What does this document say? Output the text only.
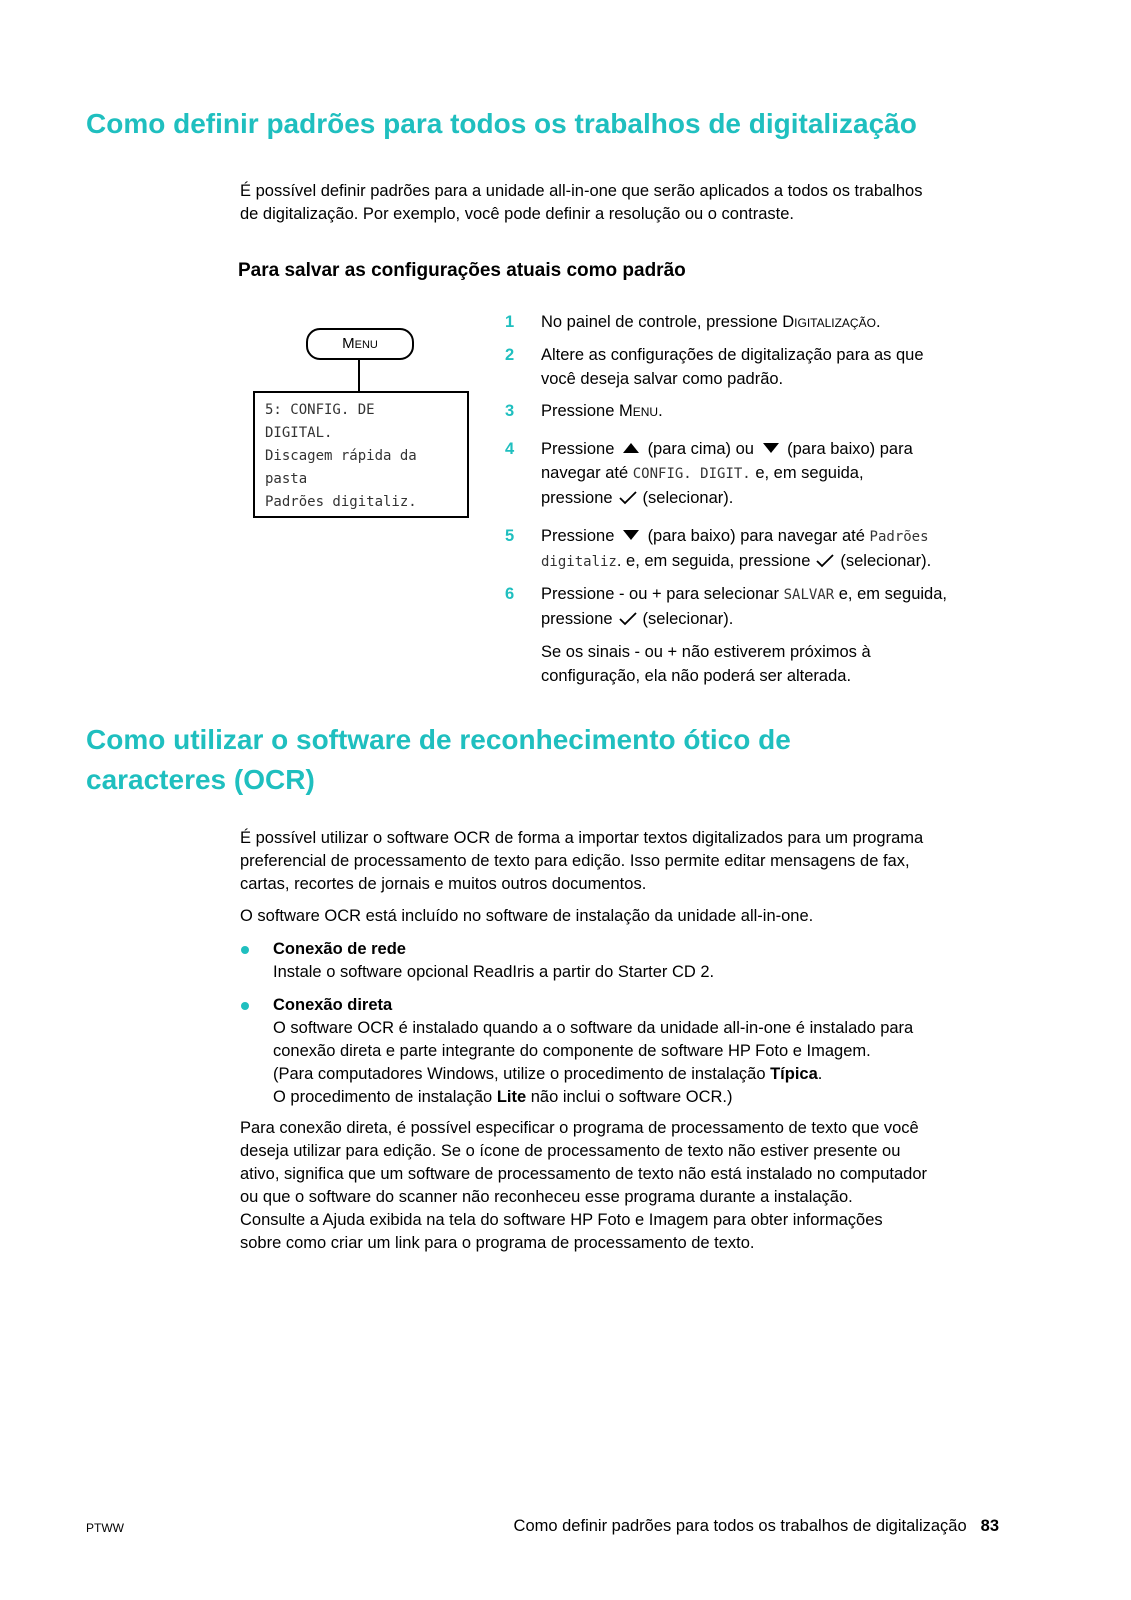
Como definir padrões para todos os trabalhos de digitalização

É possível definir padrões para a unidade all-in-one que serão aplicados a todos os trabalhos
de digitalização. Por exemplo, você pode definir a resolução ou o contraste.

Para salvar as configurações atuais como padrão
Menu
5: CONFIG. DE
DIGITAL.
Discagem rápida da
pasta
Padrões digitaliz.
1 No painel de controle, pressione Digitalização.
2 Altere as configurações de digitalização para as que
você deseja salvar como padrão.
3 Pressione Menu.
4 Pressione (para cima) ou (para baixo) para
navegar até CONFIG. DIGIT. e, em seguida,
pressione (selecionar).
5 Pressione (para baixo) para navegar até Padrões
digitaliz. e, em seguida, pressione (selecionar).
6 Pressione - ou + para selecionar SALVAR e, em seguida,
pressione (selecionar).
Se os sinais - ou + não estiverem próximos à
configuração, ela não poderá ser alterada.
Como utilizar o software de reconhecimento ótico de
caracteres (OCR)

É possível utilizar o software OCR de forma a importar textos digitalizados para um programa
preferencial de processamento de texto para edição. Isso permite editar mensagens de fax,
cartas, recortes de jornais e muitos outros documentos.

O software OCR está incluído no software de instalação da unidade all-in-one.

Conexão de rede
Instale o software opcional ReadIris a partir do Starter CD 2.
Conexão direta
O software OCR é instalado quando a o software da unidade all-in-one é instalado para
conexão direta e parte integrante do componente de software HP Foto e Imagem.
(Para computadores Windows, utilize o procedimento de instalação Típica.
O procedimento de instalação Lite não inclui o software OCR.)

Para conexão direta, é possível especificar o programa de processamento de texto que você
deseja utilizar para edição. Se o ícone de processamento de texto não estiver presente ou
ativo, significa que um software de processamento de texto não está instalado no computador
ou que o software do scanner não reconheceu esse programa durante a instalação.
Consulte a Ajuda exibida na tela do software HP Foto e Imagem para obter informações
sobre como criar um link para o programa de processamento de texto.

PTWW	Como definir padrões para todos os trabalhos de digitalização 83
